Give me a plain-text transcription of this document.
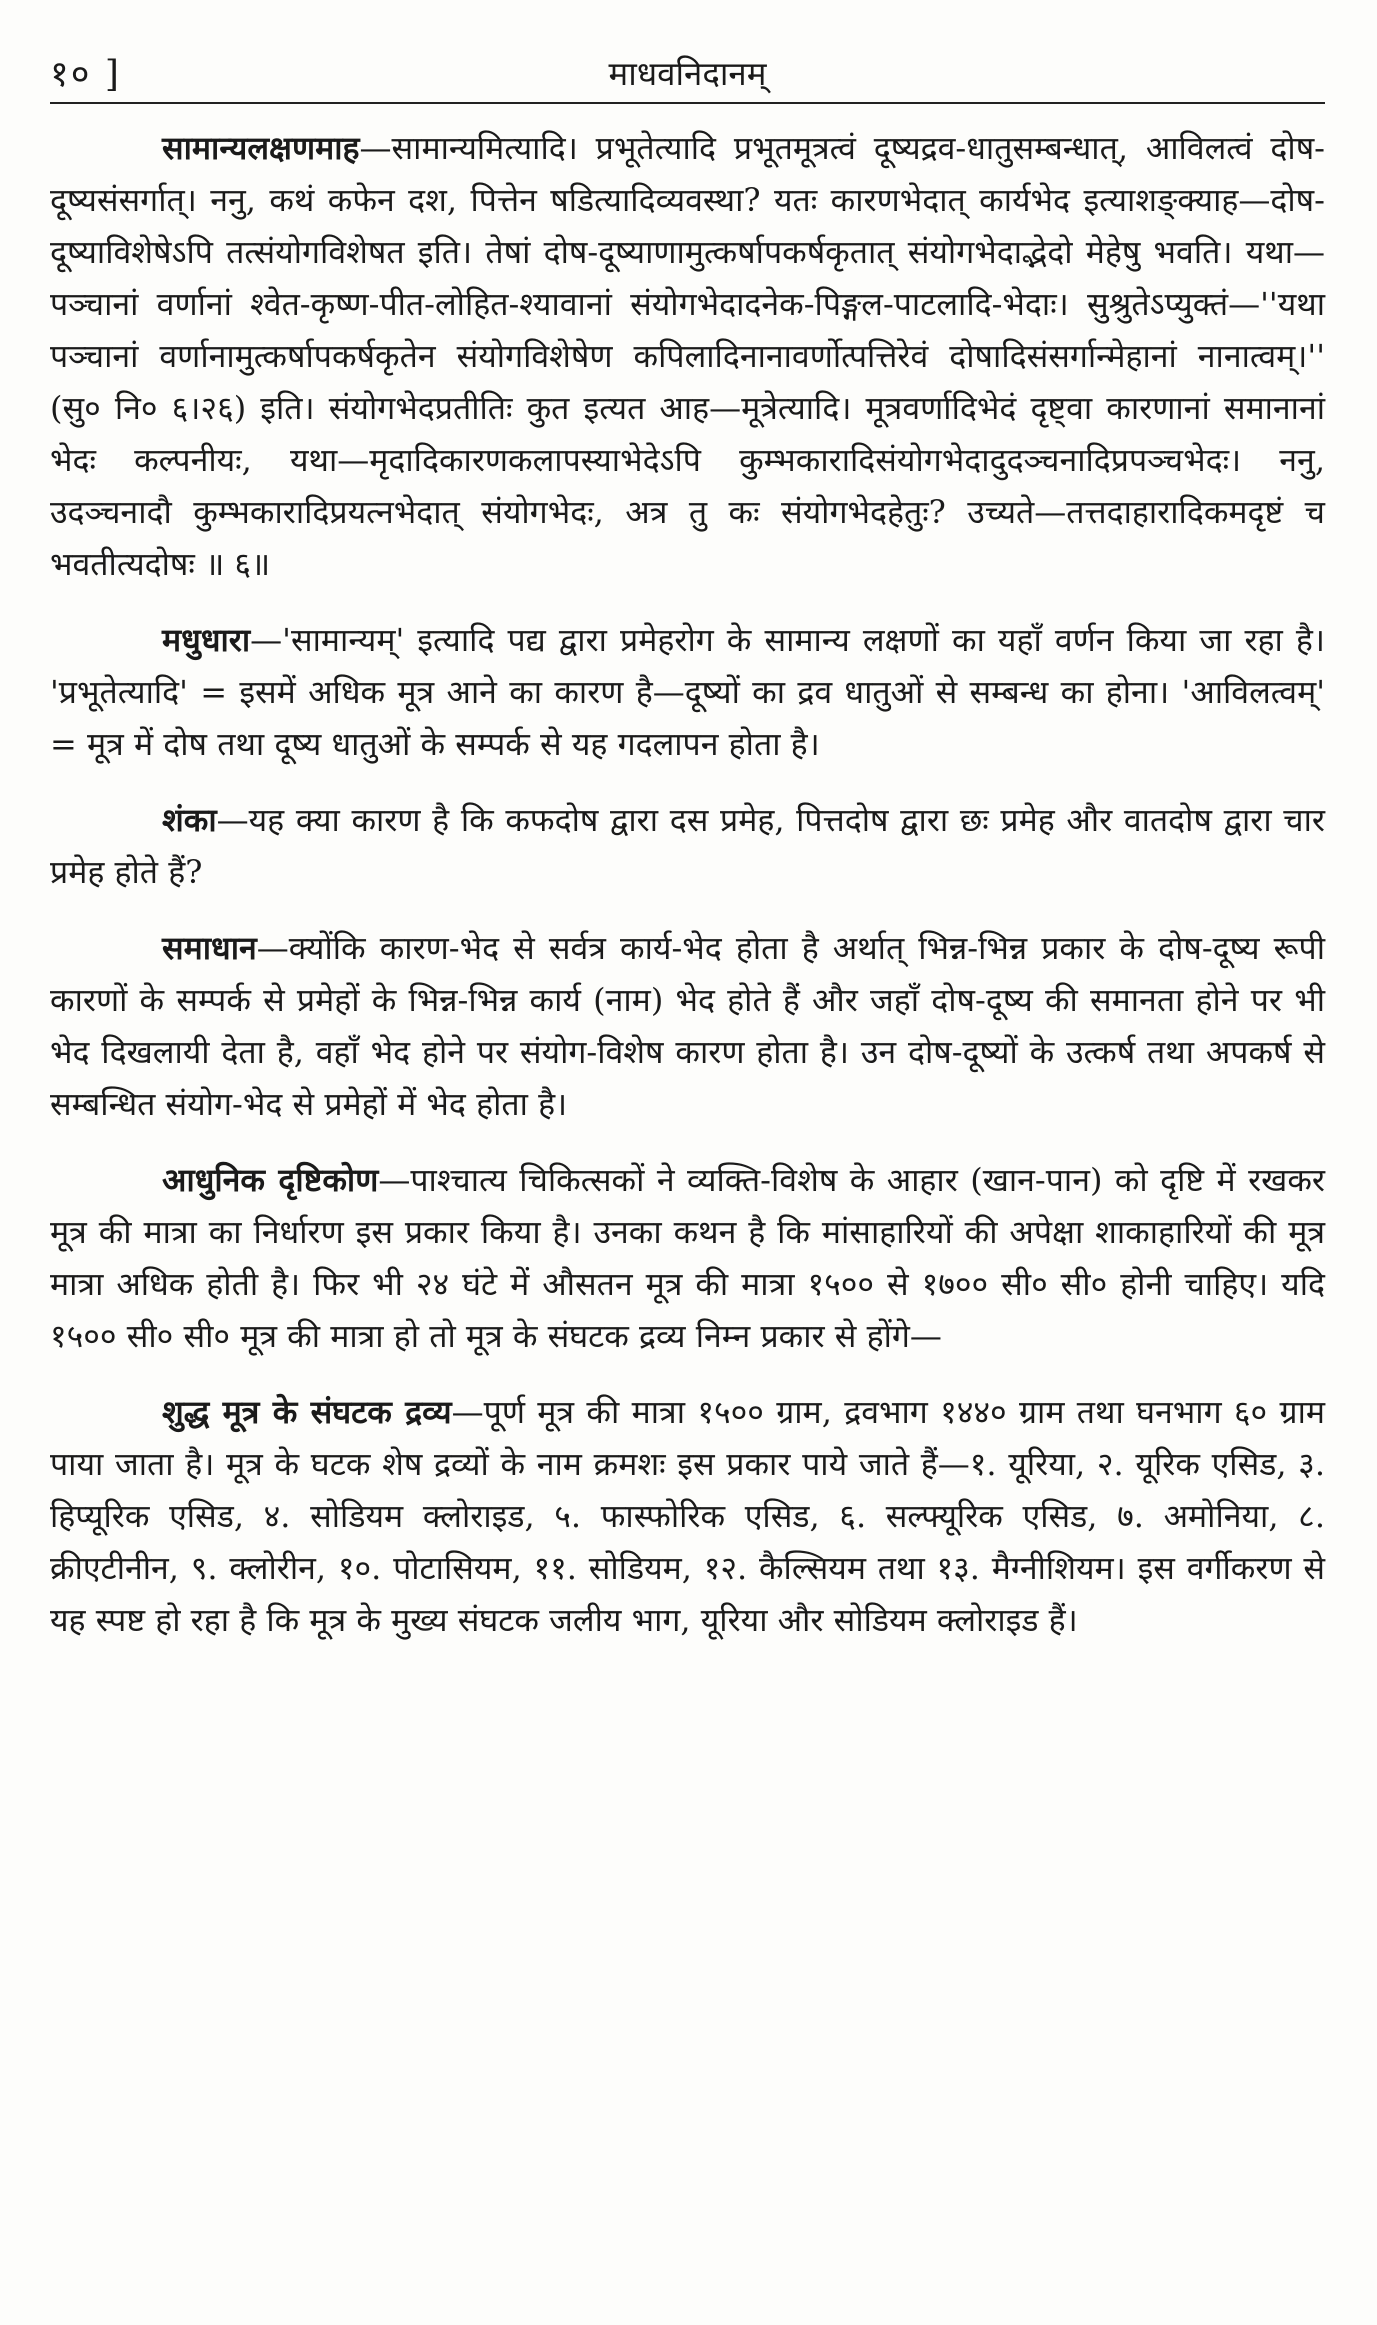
१० ]	माधवनिदानम्

सामान्यलक्षणमाह—सामान्यमित्यादि। प्रभूतेत्यादि प्रभूतमूत्रत्वं दूष्यद्रव-धातुसम्बन्धात्, आविलत्वं दोष-दूष्यसंसर्गात्। ननु, कथं कफेन दश, पित्तेन षडित्यादिव्यवस्था? यतः कारणभेदात् कार्यभेद इत्याशङ्क्याह—दोष-दूष्याविशेषेऽपि तत्संयोगविशेषत इति। तेषां दोष-दूष्याणामुत्कर्षापकर्षकृतात् संयोगभेदाद्भेदो मेहेषु भवति। यथा—पञ्चानां वर्णानां श्वेत-कृष्ण-पीत-लोहित-श्यावानां संयोगभेदादनेक-पिङ्गल-पाटलादि-भेदाः। सुश्रुतेऽप्युक्तं—''यथा पञ्चानां वर्णानामुत्कर्षापकर्षकृतेन संयोगविशेषेण कपिलादिनानावर्णोत्पत्तिरेवं दोषादिसंसर्गान्मेहानां नानात्वम्।'' (सु० नि० ६।२६) इति। संयोगभेदप्रतीतिः कुत इत्यत आह—मूत्रेत्यादि। मूत्रवर्णादिभेदं दृष्ट्वा कारणानां समानानां भेदः कल्पनीयः, यथा—मृदादिकारणकलापस्याभेदेऽपि कुम्भकारादिसंयोगभेदादुदञ्चनादिप्रपञ्चभेदः। ननु, उदञ्चनादौ कुम्भकारादिप्रयत्नभेदात् संयोगभेदः, अत्र तु कः संयोगभेदहेतुः? उच्यते—तत्तदाहारादिकमदृष्टं च भवतीत्यदोषः ॥ ६॥

मधुधारा—'सामान्यम्' इत्यादि पद्य द्वारा प्रमेहरोग के सामान्य लक्षणों का यहाँ वर्णन किया जा रहा है। 'प्रभूतेत्यादि' = इसमें अधिक मूत्र आने का कारण है—दूष्यों का द्रव धातुओं से सम्बन्ध का होना। 'आविलत्वम्' = मूत्र में दोष तथा दूष्य धातुओं के सम्पर्क से यह गदलापन होता है।

शंका—यह क्या कारण है कि कफदोष द्वारा दस प्रमेह, पित्तदोष द्वारा छः प्रमेह और वातदोष द्वारा चार प्रमेह होते हैं?

समाधान—क्योंकि कारण-भेद से सर्वत्र कार्य-भेद होता है अर्थात् भिन्न-भिन्न प्रकार के दोष-दूष्य रूपी कारणों के सम्पर्क से प्रमेहों के भिन्न-भिन्न कार्य (नाम) भेद होते हैं और जहाँ दोष-दूष्य की समानता होने पर भी भेद दिखलायी देता है, वहाँ भेद होने पर संयोग-विशेष कारण होता है। उन दोष-दूष्यों के उत्कर्ष तथा अपकर्ष से सम्बन्धित संयोग-भेद से प्रमेहों में भेद होता है।

आधुनिक दृष्टिकोण—पाश्चात्य चिकित्सकों ने व्यक्ति-विशेष के आहार (खान-पान) को दृष्टि में रखकर मूत्र की मात्रा का निर्धारण इस प्रकार किया है। उनका कथन है कि मांसाहारियों की अपेक्षा शाकाहारियों की मूत्र मात्रा अधिक होती है। फिर भी २४ घंटे में औसतन मूत्र की मात्रा १५०० से १७०० सी० सी० होनी चाहिए। यदि १५०० सी० सी० मूत्र की मात्रा हो तो मूत्र के संघटक द्रव्य निम्न प्रकार से होंगे—

शुद्ध मूत्र के संघटक द्रव्य—पूर्ण मूत्र की मात्रा १५०० ग्राम, द्रवभाग १४४० ग्राम तथा घनभाग ६० ग्राम पाया जाता है। मूत्र के घटक शेष द्रव्यों के नाम क्रमशः इस प्रकार पाये जाते हैं—१. यूरिया, २. यूरिक एसिड, ३. हिप्यूरिक एसिड, ४. सोडियम क्लोराइड, ५. फास्फोरिक एसिड, ६. सल्फ्यूरिक एसिड, ७. अमोनिया, ८. क्रीएटीनीन, ९. क्लोरीन, १०. पोटासियम, ११. सोडियम, १२. कैल्सियम तथा १३. मैग्नीशियम। इस वर्गीकरण से यह स्पष्ट हो रहा है कि मूत्र के मुख्य संघटक जलीय भाग, यूरिया और सोडियम क्लोराइड हैं।
